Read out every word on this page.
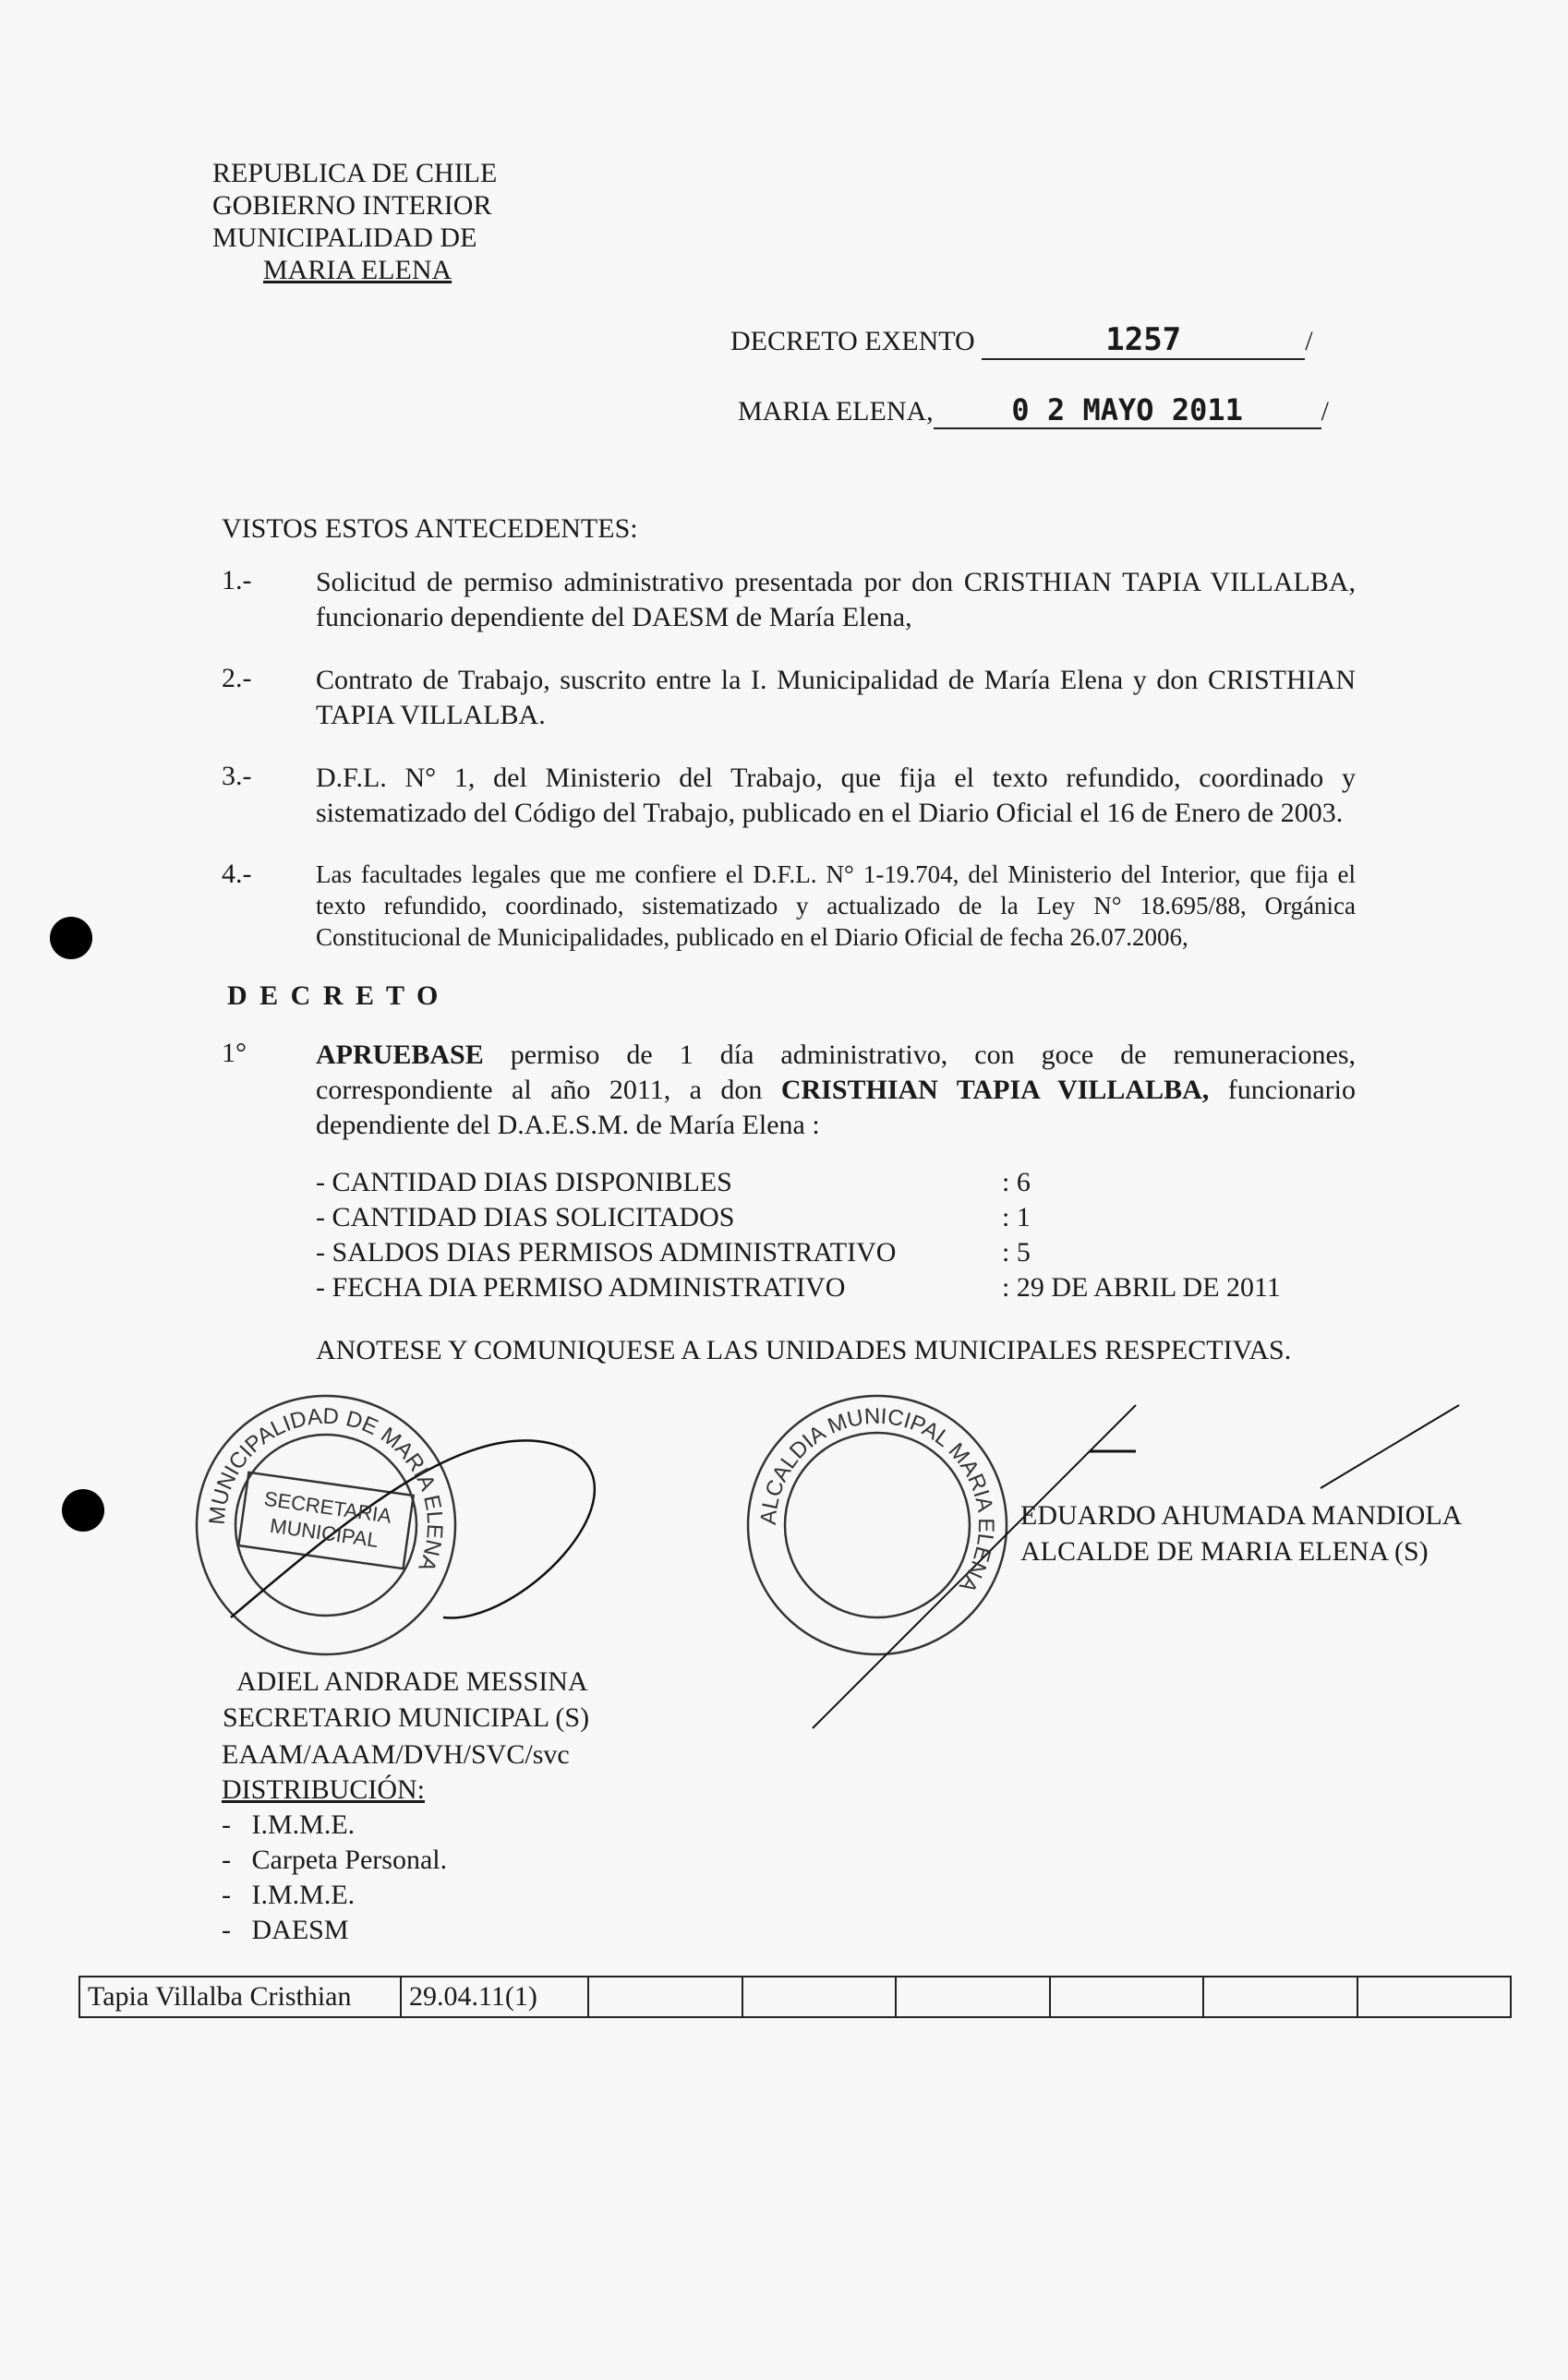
REPUBLICA DE CHILE
GOBIERNO INTERIOR
MUNICIPALIDAD DE
MARIA ELENA
DECRETO EXENTO	1257	/
MARIA ELENA,	0 2 MAYO 2011	/
VISTOS ESTOS ANTECEDENTES:
1.-	Solicitud de permiso administrativo presentada por don CRISTHIAN TAPIA VILLALBA, funcionario dependiente del DAESM de María Elena,
2.-	Contrato de Trabajo, suscrito entre la I. Municipalidad de María Elena y don CRISTHIAN TAPIA VILLALBA.
3.-	D.F.L. N° 1, del Ministerio del Trabajo, que fija el texto refundido, coordinado y sistematizado del Código del Trabajo, publicado en el Diario Oficial el 16 de Enero de 2003.
4.-	Las facultades legales que me confiere el D.F.L. N° 1-19.704, del Ministerio del Interior, que fija el texto refundido, coordinado, sistematizado y actualizado de la Ley N° 18.695/88, Orgánica Constitucional de Municipalidades, publicado en el Diario Oficial de fecha 26.07.2006,
D E C R E T O
1°	APRUEBASE permiso de 1 día administrativo, con goce de remuneraciones, correspondiente al año 2011, a don CRISTHIAN TAPIA VILLALBA, funcionario dependiente del D.A.E.S.M. de María Elena :
- CANTIDAD DIAS DISPONIBLES	: 6
- CANTIDAD DIAS SOLICITADOS	: 1
- SALDOS DIAS PERMISOS ADMINISTRATIVO	: 5
- FECHA DIA PERMISO ADMINISTRATIVO	: 29 DE ABRIL DE 2011
ANOTESE Y COMUNIQUESE A LAS UNIDADES MUNICIPALES RESPECTIVAS.
MUNICIPALIDAD DE MARIA ELENA
ALCALDIA MUNICIPAL MARIA ELENA
SECRETARIA MUNICIPAL
ADIEL ANDRADE MESSINA
SECRETARIO MUNICIPAL (S)
EDUARDO AHUMADA MANDIOLA
ALCALDE DE MARIA ELENA (S)
EAAM/AAAM/DVH/SVC/svc
DISTRIBUCIÓN:
-   I.M.M.E.
-   Carpeta Personal.
-   I.M.M.E.
-   DAESM
Tapia Villalba Cristhian	29.04.11(1)						
